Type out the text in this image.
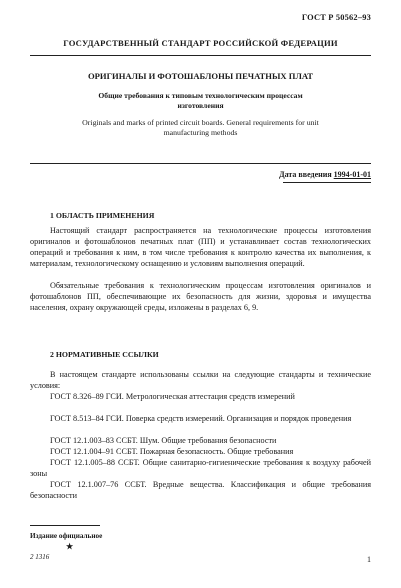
ГОСТ Р 50562–93
ГОСУДАРСТВЕННЫЙ СТАНДАРТ РОССИЙСКОЙ ФЕДЕРАЦИИ
ОРИГИНАЛЫ И ФОТОШАБЛОНЫ ПЕЧАТНЫХ ПЛАТ
Общие требования к типовым технологическим процессам изготовления
Originals and marks of printed circuit boards. General requirements for unit manufacturing methods
Дата введения 1994-01-01
1 ОБЛАСТЬ ПРИМЕНЕНИЯ
Настоящий стандарт распространяется на технологические процессы изготовления оригиналов и фотошаблонов печатных плат (ПП) и устанавливает состав технологических операций и требования к ним, в том числе требования к контролю качества их выполнения, к материалам, технологическому оснащению и условиям выполнения операций.
Обязательные требования к технологическим процессам изготовления оригиналов и фотошаблонов ПП, обеспечивающие их безопасность для жизни, здоровья и имущества населения, охрану окружающей среды, изложены в разделах 6, 9.
2 НОРМАТИВНЫЕ ССЫЛКИ
В настоящем стандарте использованы ссылки на следующие стандарты и технические условия:
ГОСТ 8.326–89 ГСИ. Метрологическая аттестация средств измерений
ГОСТ 8.513–84 ГСИ. Поверка средств измерений. Организация и порядок проведения
ГОСТ 12.1.003–83 ССБТ. Шум. Общие требования безопасности
ГОСТ 12.1.004–91 ССБТ. Пожарная безопасность. Общие требования
ГОСТ 12.1.005–88 ССБТ. Общие санитарно-гигиенические требования к воздуху рабочей зоны
ГОСТ 12.1.007–76 ССБТ. Вредные вещества. Классификация и общие требования безопасности
Издание официальное
★
2 1316	1
